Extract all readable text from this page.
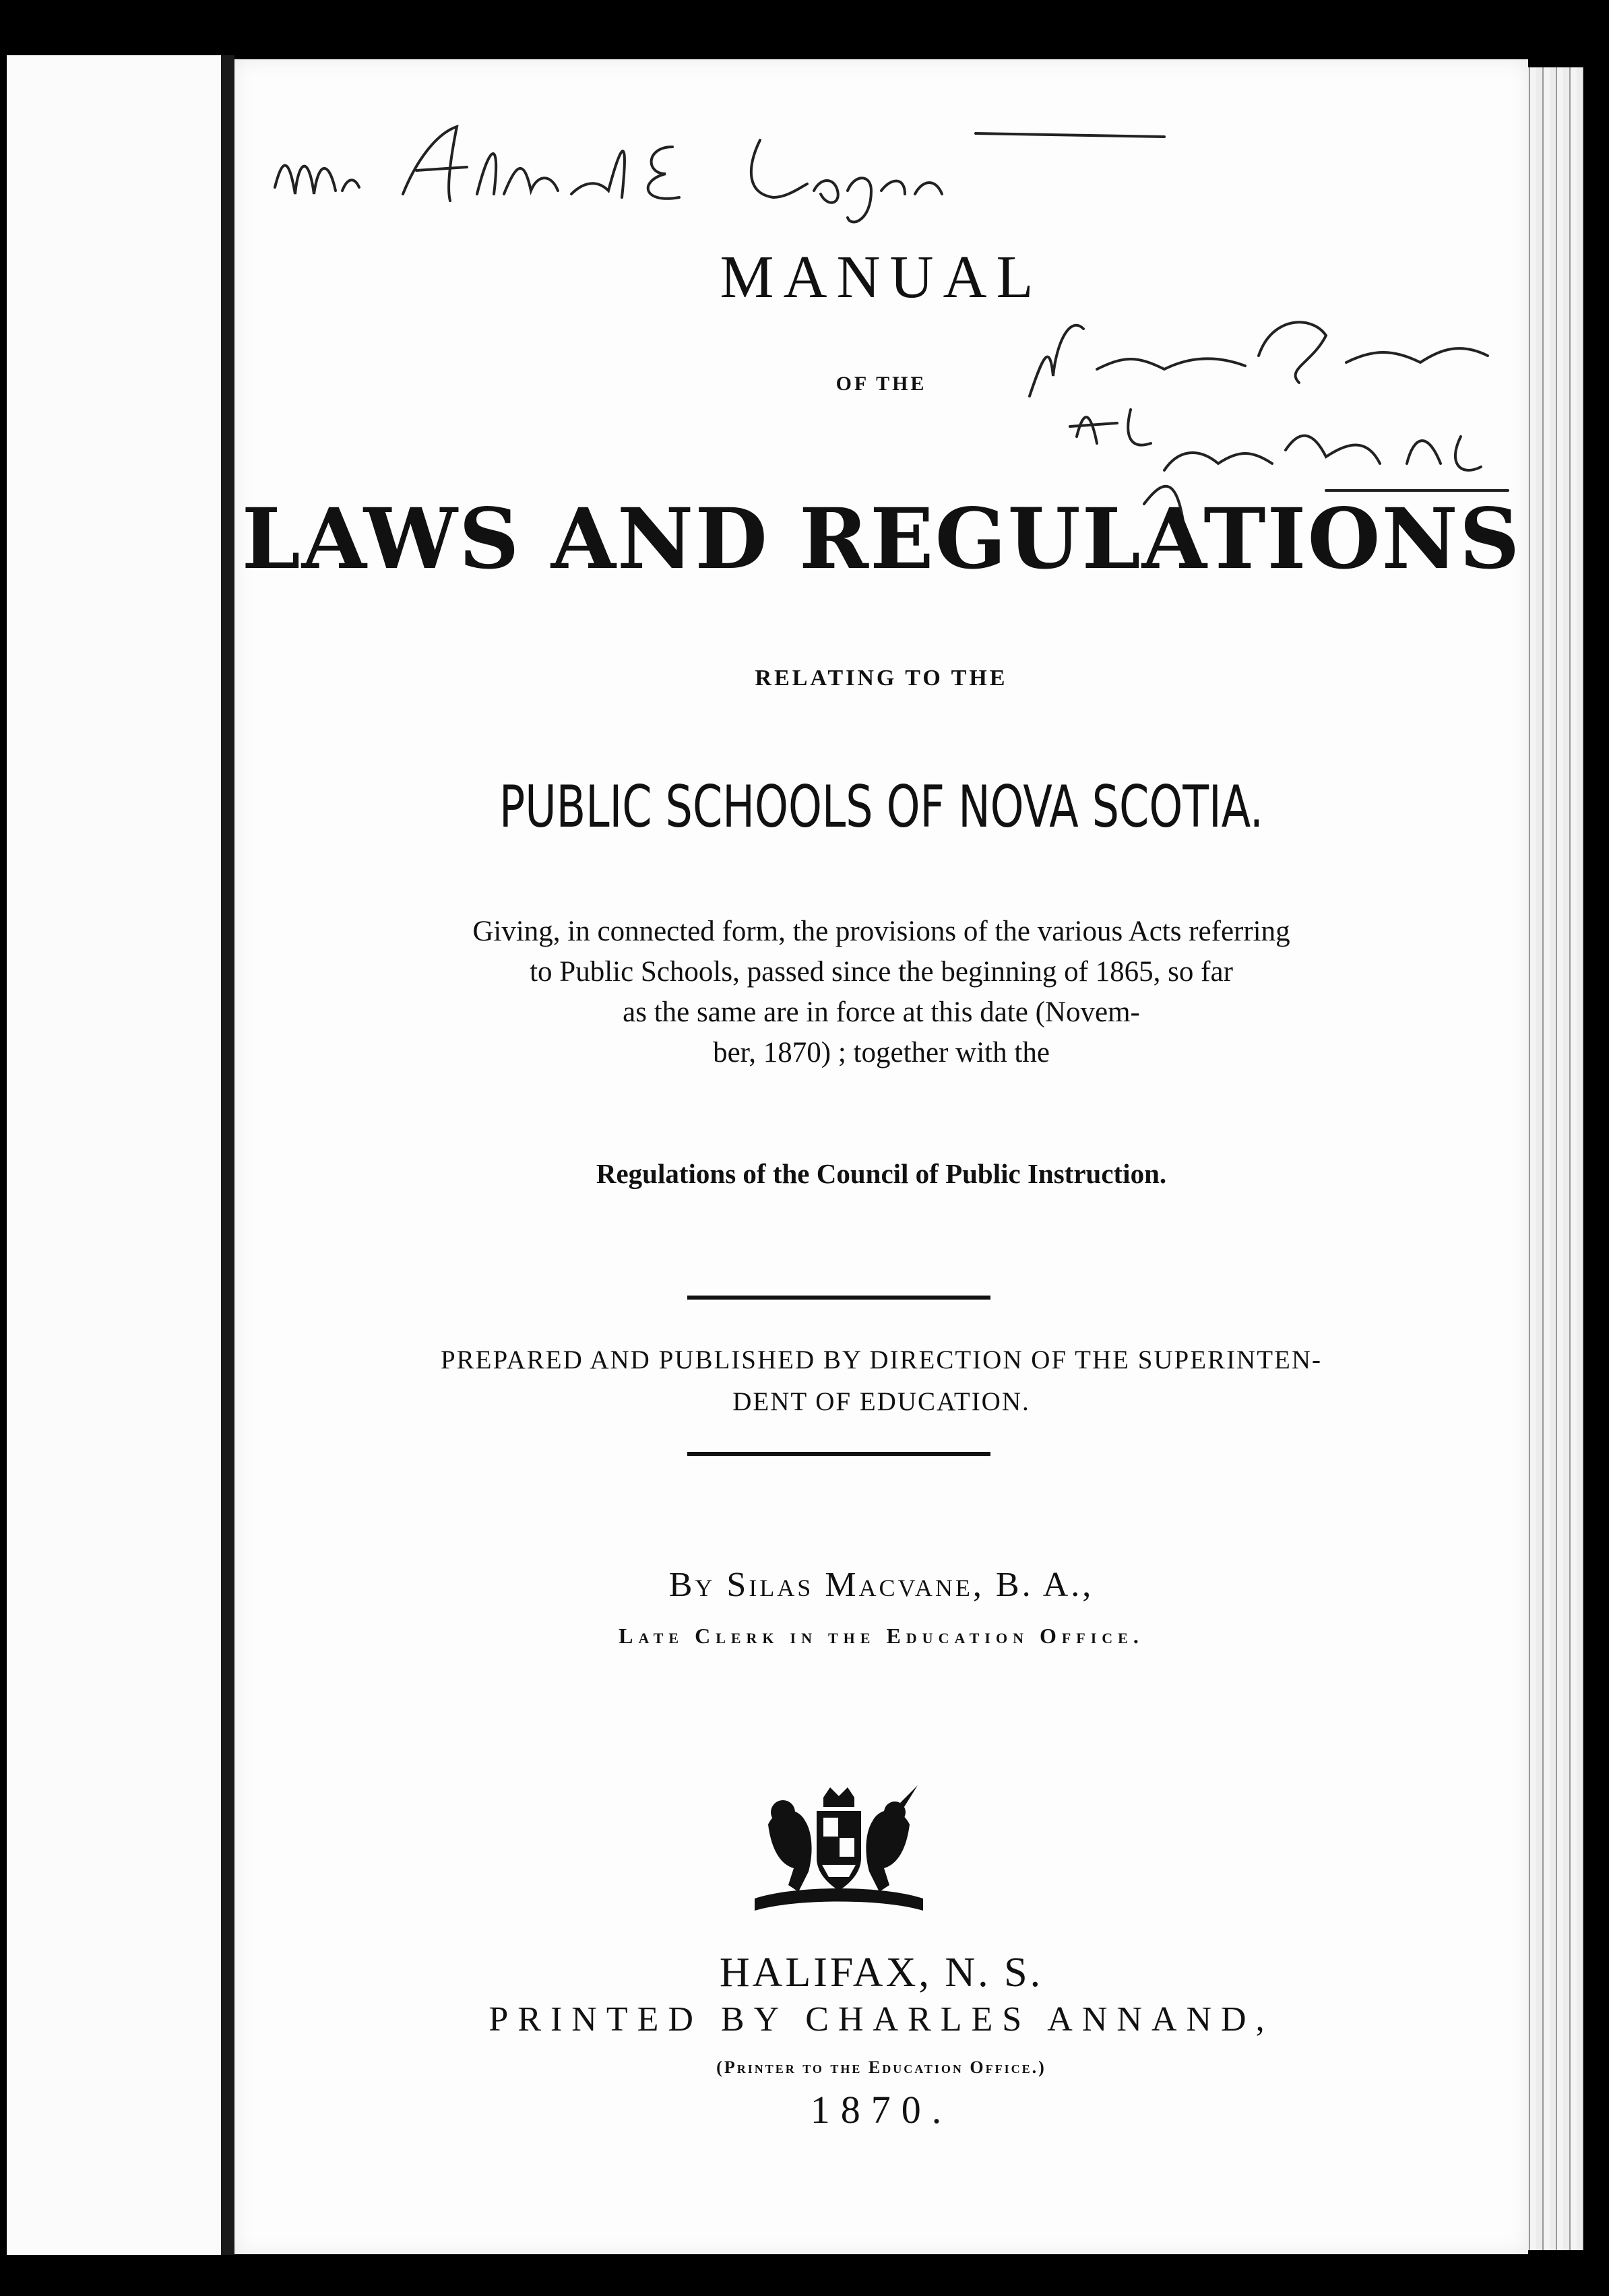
MANUAL
OF THE
LAWS AND REGULATIONS
RELATING TO THE
PUBLIC SCHOOLS OF NOVA SCOTIA.
Giving, in connected form, the provisions of the various Acts referring
to Public Schools, passed since the beginning of 1865, so far
as the same are in force at this date (Novem-
ber, 1870) ; together with the
Regulations of the Council of Public Instruction.
PREPARED AND PUBLISHED BY DIRECTION OF THE SUPERINTEN-
DENT OF EDUCATION.
By Silas Macvane, B. A.,
Late Clerk in the Education Office.
HALIFAX, N. S.
PRINTED BY CHARLES ANNAND,
(Printer to the Education Office.)
1870.
